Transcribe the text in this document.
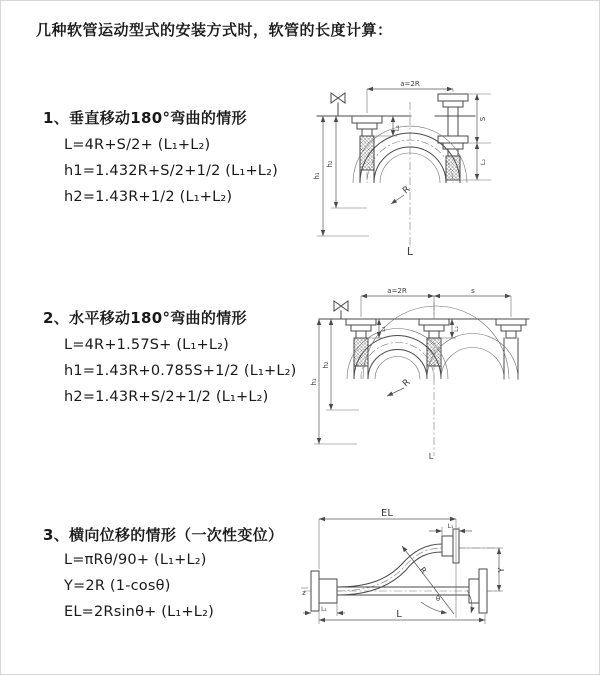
几种软管运动型式的安装方式时，软管的长度计算：
1、垂直移动180°弯曲的情形
L=4R+S/2+ (L₁+L₂)
h1=1.432R+S/2+1/2 (L₁+L₂)
h2=1.43R+1/2 (L₁+L₂)
2、水平移动180°弯曲的情形
L=4R+1.57S+ (L₁+L₂)
h1=1.43R+0.785S+1/2 (L₁+L₂)
h2=1.43R+S/2+1/2 (L₁+L₂)
3、横向位移的情形（一次性变位）
L=πRθ/90+ (L₁+L₂)
Y=2R (1-cosθ)
EL=2Rsinθ+ (L₁+L₂)
a=2R
h₁
h₂
L₁
S
L₂
R
L
a=2R	s
h₁
h₂
L₁	L₂
R
L
EL
L₁
Y
L
L₁
z
R
θ
